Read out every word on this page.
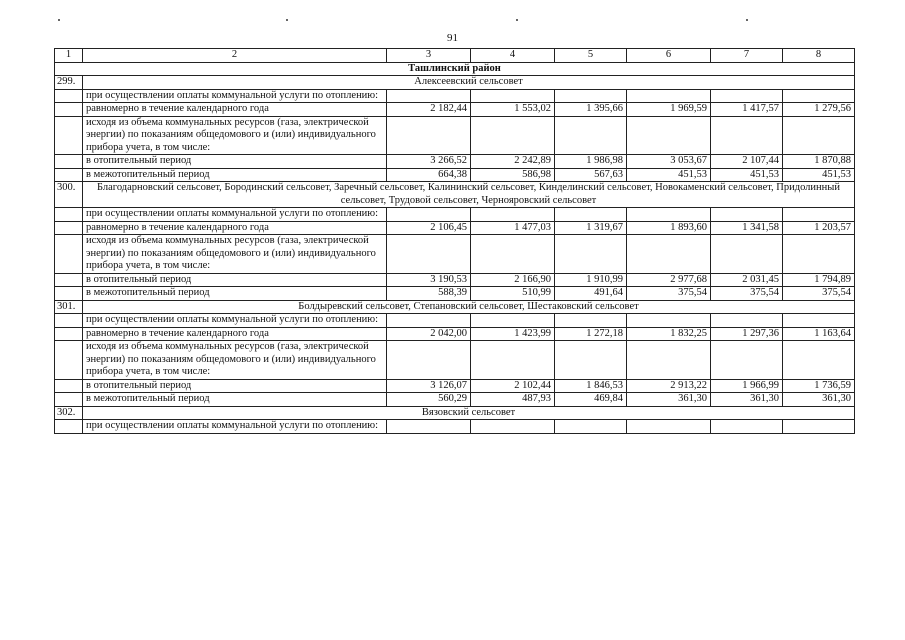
91
1	2	3	4	5	6	7	8
Ташлинский район							
299.	Алексеевский сельсовет						
	при осуществлении оплаты коммунальной услуги по отоплению:						
	равномерно в течение календарного года	2 182,44	1 553,02	1 395,66	1 969,59	1 417,57	1 279,56
	исходя из объема коммунальных ресурсов (газа, электрической энергии) по показаниям общедомового и (или) индивидуального прибора учета, в том числе:						
	в отопительный период	3 266,52	2 242,89	1 986,98	3 053,67	2 107,44	1 870,88
	в межотопительный период	664,38	586,98	567,63	451,53	451,53	451,53
300.	Благодарновский сельсовет, Бородинский сельсовет, Заречный сельсовет, Калининский сельсовет, Кинделинский сельсовет, Новокаменский сельсовет, Придолинный сельсовет, Трудовой сельсовет, Чернояровский сельсовет						
	при осуществлении оплаты коммунальной услуги по отоплению:						
	равномерно в течение календарного года	2 106,45	1 477,03	1 319,67	1 893,60	1 341,58	1 203,57
	исходя из объема коммунальных ресурсов (газа, электрической энергии) по показаниям общедомового и (или) индивидуального прибора учета, в том числе:						
	в отопительный период	3 190,53	2 166,90	1 910,99	2 977,68	2 031,45	1 794,89
	в межотопительный период	588,39	510,99	491,64	375,54	375,54	375,54
301.	Болдыревский сельсовет, Степановский сельсовет, Шестаковский сельсовет						
	при осуществлении оплаты коммунальной услуги по отоплению:						
	равномерно в течение календарного года	2 042,00	1 423,99	1 272,18	1 832,25	1 297,36	1 163,64
	исходя из объема коммунальных ресурсов (газа, электрической энергии) по показаниям общедомового и (или) индивидуального прибора учета, в том числе:						
	в отопительный период	3 126,07	2 102,44	1 846,53	2 913,22	1 966,99	1 736,59
	в межотопительный период	560,29	487,93	469,84	361,30	361,30	361,30
302.	Вязовский сельсовет						
	при осуществлении оплаты коммунальной услуги по отоплению:						
